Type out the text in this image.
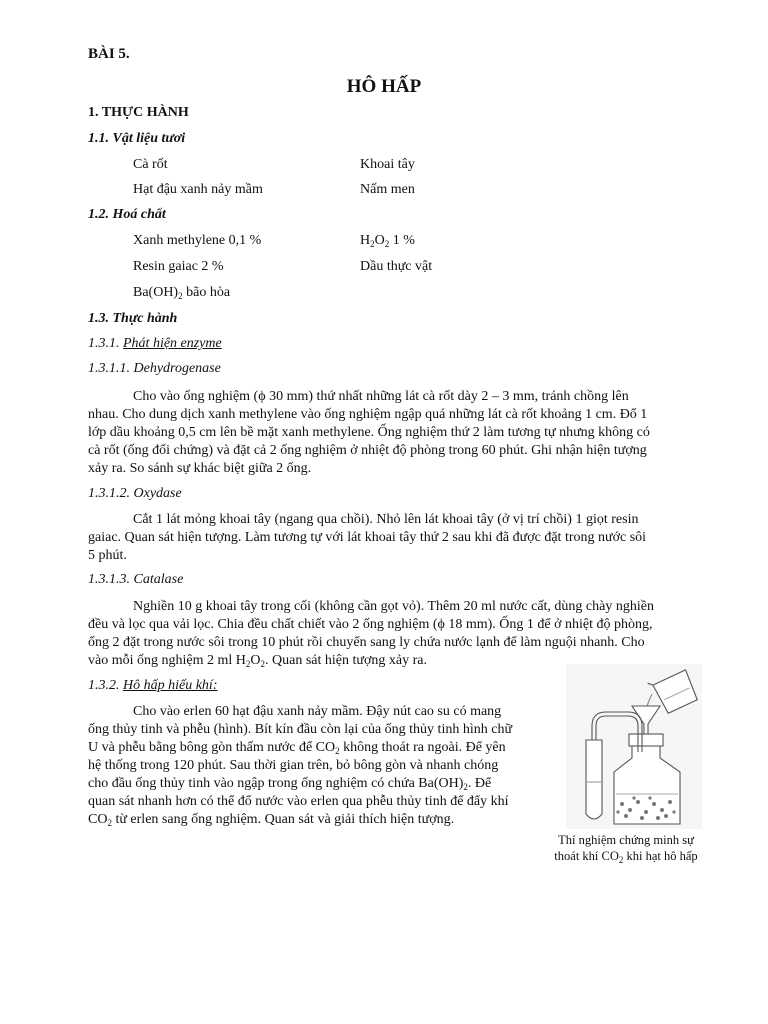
BÀI 5.
HÔ HẤP
1. THỰC HÀNH
1.1. Vật liệu tươi
Cà rốt	Khoai tây
Hạt đậu xanh nảy mầm	Nấm men
1.2. Hoá chất
Xanh methylene 0,1 %	$H_2O_2$ 1 %
Resin gaiac 2 %	Dầu thực vật
$Ba(OH)_2$ bão hòa
1.3. Thực hành
1.3.1. Phát hiện enzyme
1.3.1.1. Dehydrogenase
Cho vào ống nghiệm (ϕ 30 mm) thứ nhất những lát cà rốt dày 2 – 3 mm, tránh chồng lên
nhau. Cho dung dịch xanh methylene vào ống nghiệm ngập quá những lát cà rốt khoảng 1 cm. Đổ 1
lớp dầu khoảng 0,5 cm lên bề mặt xanh methylene. Ống nghiệm thứ 2 làm tương tự nhưng không có
cà rốt (ống đối chứng) và đặt cả 2 ống nghiệm ở nhiệt độ phòng trong 60 phút. Ghi nhận hiện tượng
xảy ra. So sánh sự khác biệt giữa 2 ống.
1.3.1.2. Oxydase
Cắt 1 lát mỏng khoai tây (ngang qua chồi). Nhỏ lên lát khoai tây (ở vị trí chồi) 1 giọt resin
gaiac. Quan sát hiện tượng. Làm tương tự với lát khoai tây thứ 2 sau khi đã được đặt trong nước sôi
5 phút.
1.3.1.3. Catalase
Nghiền 10 g khoai tây trong cối (không cần gọt vỏ). Thêm 20 ml nước cất, dùng chày nghiền
đều và lọc qua vải lọc. Chia đều chất chiết vào 2 ống nghiệm (ϕ 18 mm). Ống 1 để ở nhiệt độ phòng,
ống 2 đặt trong nước sôi trong 10 phút rồi chuyển sang ly chứa nước lạnh để làm nguội nhanh. Cho
vào mỗi ống nghiệm 2 ml $H_2O_2$. Quan sát hiện tượng xảy ra.
1.3.2. Hô hấp hiếu khí:
Cho vào erlen 60 hạt đậu xanh nảy mầm. Đậy nút cao su có mang
ống thủy tinh và phễu (hình). Bít kín đầu còn lại của ống thủy tinh hình chữ
U và phễu bằng bông gòn thấm nước để $CO_2$ không thoát ra ngoài. Để yên
hệ thống trong 120 phút. Sau thời gian trên, bỏ bông gòn và nhanh chóng
cho đầu ống thủy tinh vào ngập trong ống nghiệm có chứa $Ba(OH)_2$. Để
quan sát nhanh hơn có thể đổ nước vào erlen qua phễu thủy tinh để đẩy khí
$CO_2$ từ erlen sang ống nghiệm. Quan sát và giải thích hiện tượng.
Thí nghiệm chứng minh sự
thoát khí $CO_2$ khi hạt hô hấp
